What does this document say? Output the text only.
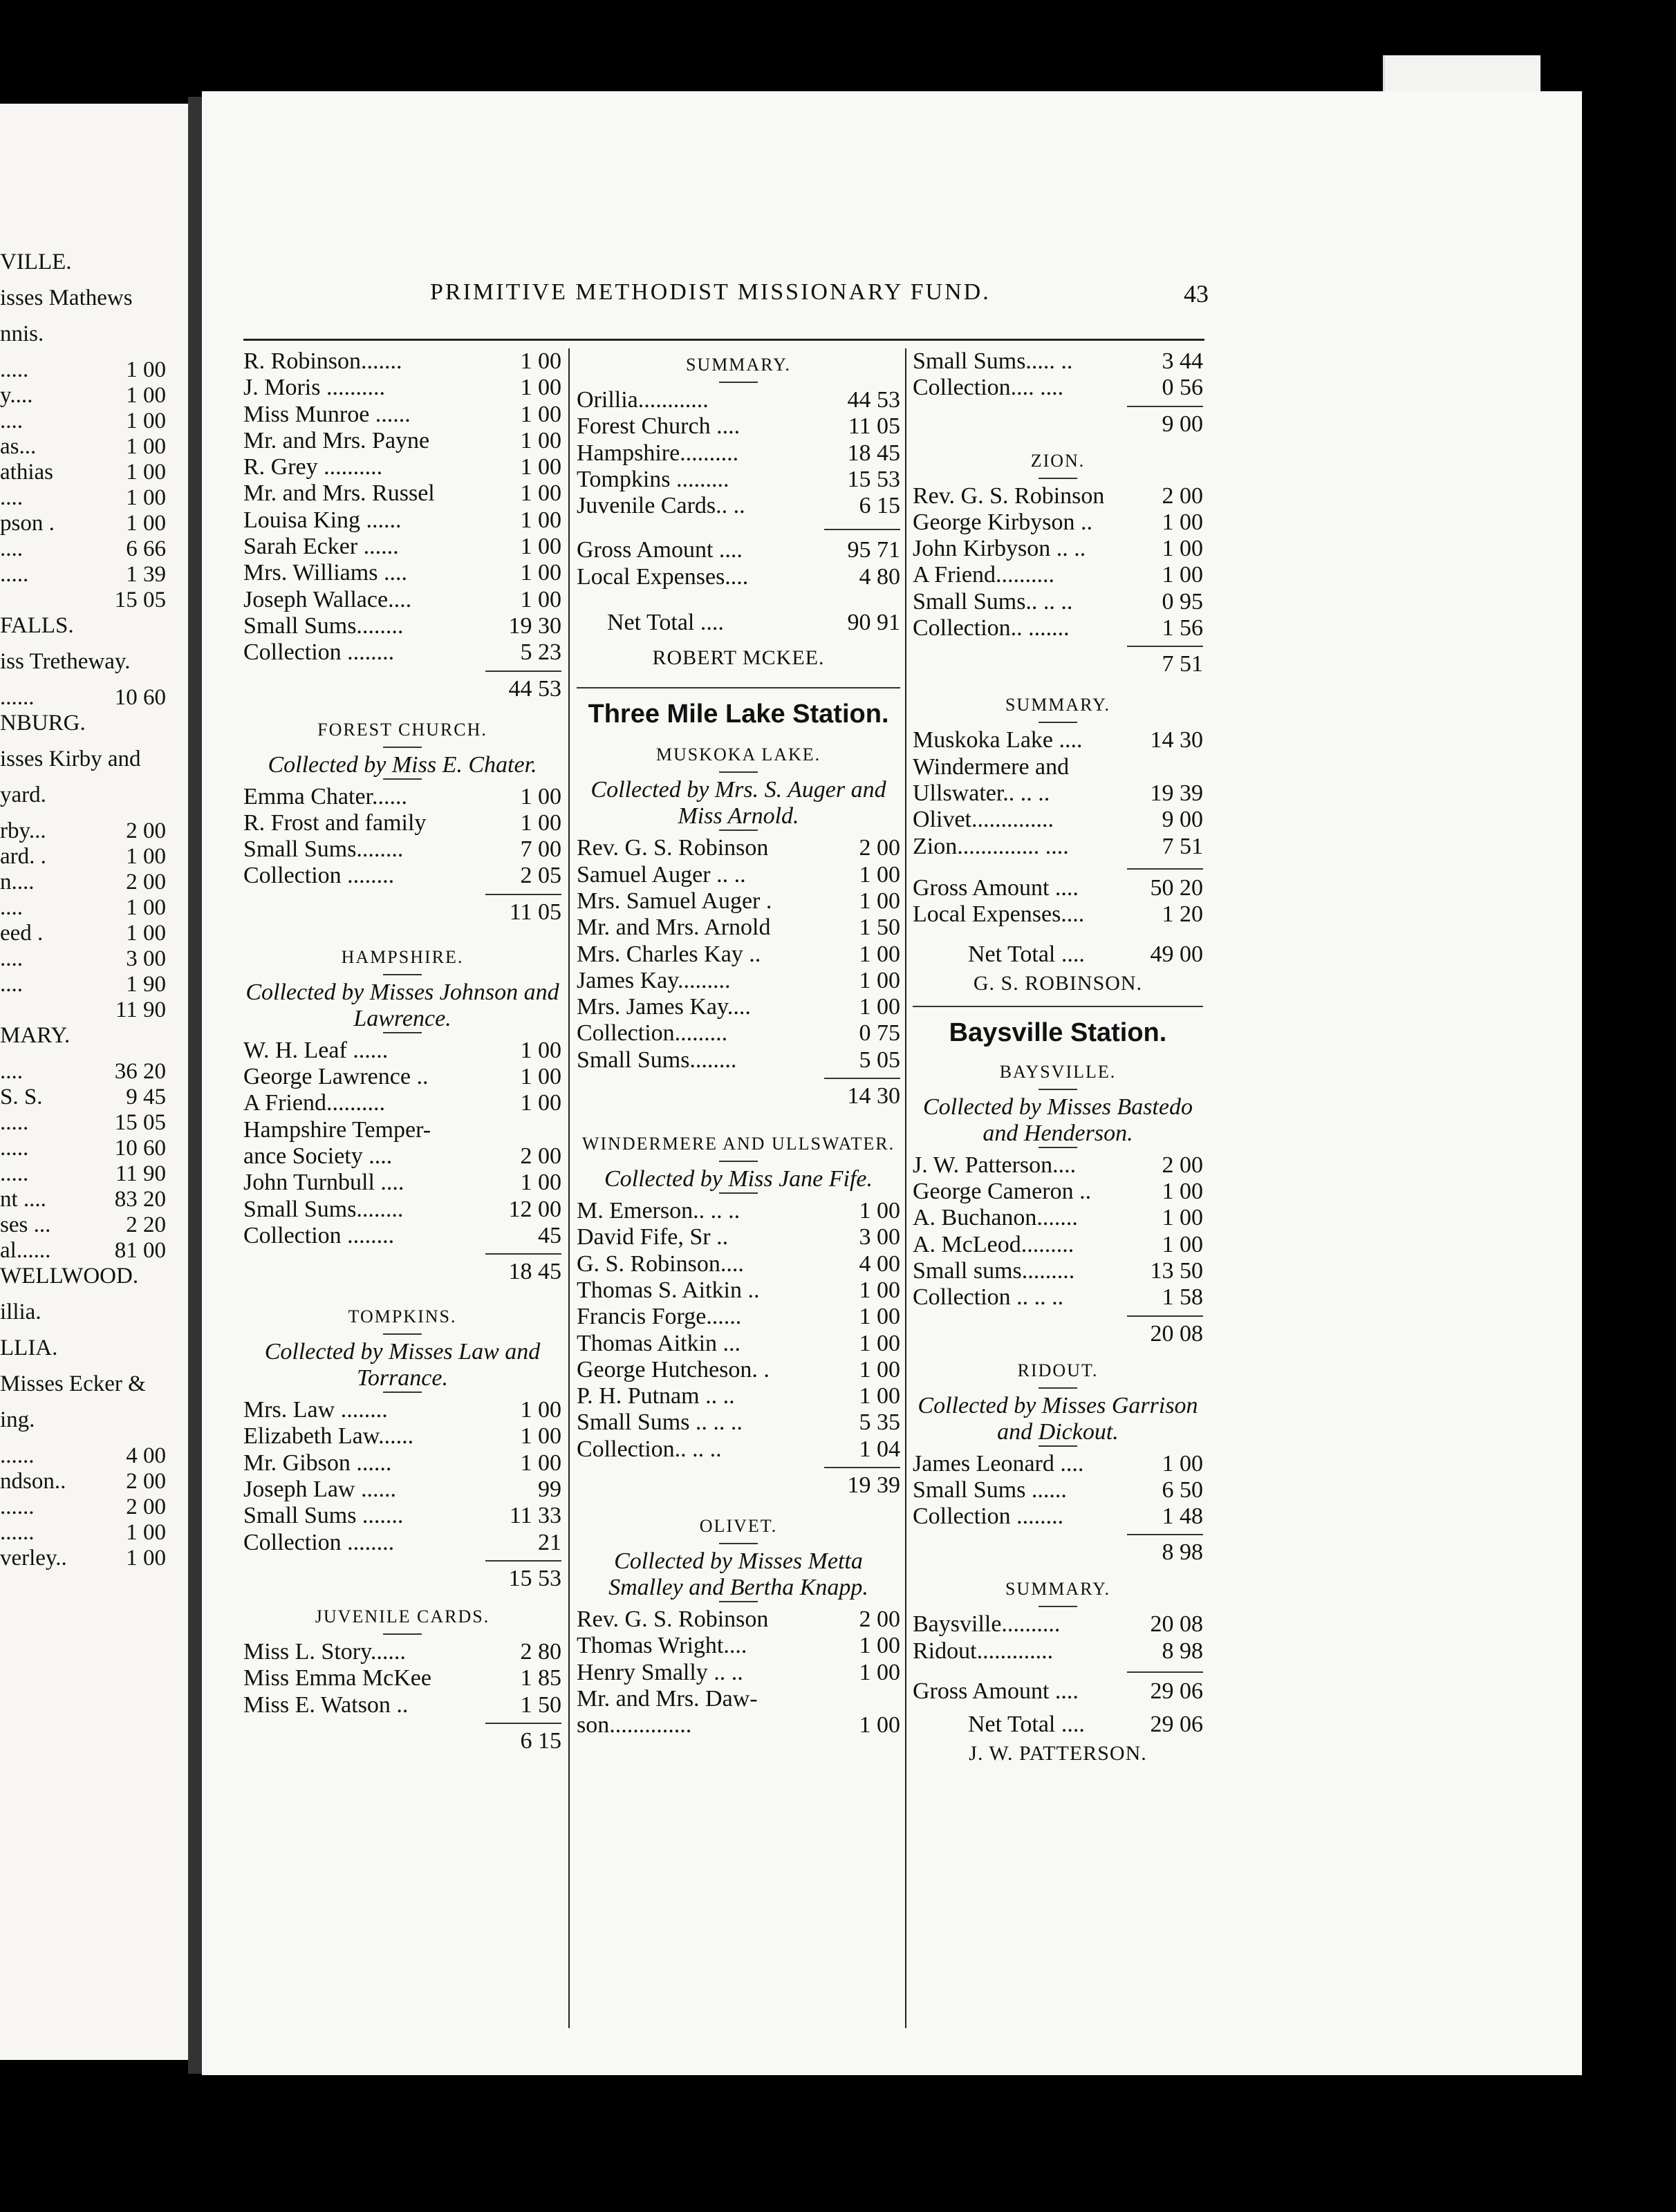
VILLE.
isses Mathews
nnis.
.....	1 00
y....	1 00
....	1 00
as...	1 00
athias	1 00
....	1 00
pson .	1 00
....	6 66
.....	1 39
15 05
FALLS.
iss Tretheway.
......	10 60
NBURG.
isses Kirby and
yard.
rby...	2 00
ard. .	1 00
n....	2 00
....	1 00
eed .	1 00
....	3 00
....	1 90
11 90
MARY.
....	36 20
S. S.	9 45
.....	15 05
.....	10 60
.....	11 90
nt ....	83 20
ses ...	2 20
al......	81 00
WELLWOOD.
illia.
LLIA.
Misses Ecker &
ing.
......	4 00
ndson..	2 00
......	2 00
......	1 00
verley..	1 00
PRIMITIVE METHODIST MISSIONARY FUND.	43
R. Robinson.......	1 00
J. Moris ..........	1 00
Miss Munroe ......	1 00
Mr. and Mrs. Payne	1 00
R. Grey ..........	1 00
Mr. and Mrs. Russel	1 00
Louisa King ......	1 00
Sarah Ecker ......	1 00
Mrs. Williams ....	1 00
Joseph Wallace....	1 00
Small Sums........	19 30
Collection ........	5 23
44 53
FOREST CHURCH.
Collected by Miss E. Chater.
Emma Chater......	1 00
R. Frost and family	1 00
Small Sums........	7 00
Collection ........	2 05
11 05
HAMPSHIRE.
Collected by Misses Johnson and Lawrence.
W. H. Leaf ......	1 00
George Lawrence ..	1 00
A Friend..........	1 00
Hampshire Temper-
ance Society ....	2 00
John Turnbull ....	1 00
Small Sums........	12 00
Collection ........	45
18 45
TOMPKINS.
Collected by Misses Law and Torrance.
Mrs. Law ........	1 00
Elizabeth Law......	1 00
Mr. Gibson ......	1 00
Joseph Law ......	99
Small Sums .......	11 33
Collection ........	21
15 53
JUVENILE CARDS.
Miss L. Story......	2 80
Miss Emma McKee	1 85
Miss E. Watson ..	1 50
6 15
SUMMARY.
Orillia............	44 53
Forest Church ....	11 05
Hampshire..........	18 45
Tompkins .........	15 53
Juvenile Cards.. ..	6 15
Gross Amount ....	95 71
Local Expenses....	4 80
Net Total ....	90 91
ROBERT MCKEE.
Three Mile Lake Station.
MUSKOKA LAKE.
Collected by Mrs. S. Auger and Miss Arnold.
Rev. G. S. Robinson	2 00
Samuel Auger .. ..	1 00
Mrs. Samuel Auger .	1 00
Mr. and Mrs. Arnold	1 50
Mrs. Charles Kay ..	1 00
James Kay.........	1 00
Mrs. James Kay....	1 00
Collection.........	0 75
Small Sums........	5 05
14 30
WINDERMERE AND ULLSWATER.
Collected by Miss Jane Fife.
M. Emerson.. .. ..	1 00
David Fife, Sr ..	3 00
G. S. Robinson....	4 00
Thomas S. Aitkin ..	1 00
Francis Forge......	1 00
Thomas Aitkin ...	1 00
George Hutcheson. .	1 00
P. H. Putnam .. ..	1 00
Small Sums .. .. ..	5 35
Collection.. .. ..	1 04
19 39
OLIVET.
Collected by Misses Metta Smalley and Bertha Knapp.
Rev. G. S. Robinson	2 00
Thomas Wright....	1 00
Henry Smally .. ..	1 00
Mr. and Mrs. Daw-
son..............	1 00
Small Sums..... ..	3 44
Collection.... ....	0 56
9 00
ZION.
Rev. G. S. Robinson 2 00
George Kirbyson ..	1 00
John Kirbyson .. ..	1 00
A Friend..........	1 00
Small Sums.. .. ..	0 95
Collection.. .......	1 56
7 51
SUMMARY.
Muskoka Lake ....	14 30
Windermere and
Ullswater.. .. ..	19 39
Olivet..............	9 00
Zion.............. ....	7 51
Gross Amount ....	50 20
Local Expenses....	1 20
Net Total ....	49 00
G. S. ROBINSON.
Baysville Station.
BAYSVILLE.
Collected by Misses Bastedo and Henderson.
J. W. Patterson....	2 00
George Cameron ..	1 00
A. Buchanon.......	1 00
A. McLeod.........	1 00
Small sums.........	13 50
Collection .. .. ..	1 58
20 08
RIDOUT.
Collected by Misses Garrison and Dickout.
James Leonard ....	1 00
Small Sums ......	6 50
Collection ........	1 48
8 98
SUMMARY.
Baysville..........	20 08
Ridout.............	8 98
Gross Amount ....	29 06
Net Total ....	29 06
J. W. PATTERSON.
